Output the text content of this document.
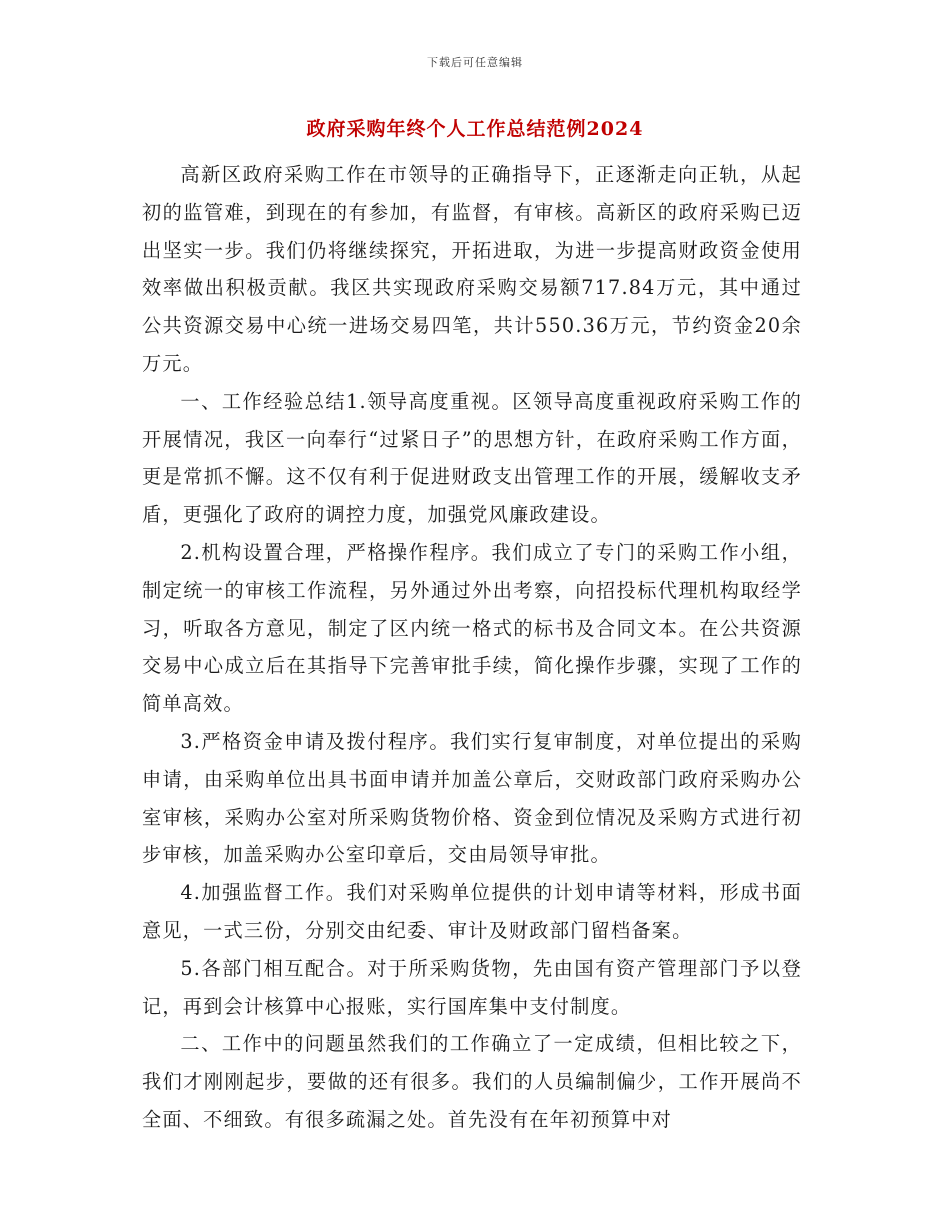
下载后可任意编辑
政府采购年终个人工作总结范例2024

高新区政府采购工作在市领导的正确指导下，正逐渐走向正轨，从起初的监管难，到现在的有参加，有监督，有审核。高新区的政府采购已迈出坚实一步。我们仍将继续探究，开拓进取，为进一步提高财政资金使用效率做出积极贡献。我区共实现政府采购交易额717.84万元，其中通过公共资源交易中心统一进场交易四笔，共计550.36万元，节约资金20余万元。

一、工作经验总结1.领导高度重视。区领导高度重视政府采购工作的开展情况，我区一向奉行“过紧日子”的思想方针，在政府采购工作方面，更是常抓不懈。这不仅有利于促进财政支出管理工作的开展，缓解收支矛盾，更强化了政府的调控力度，加强党风廉政建设。

2.机构设置合理，严格操作程序。我们成立了专门的采购工作小组，制定统一的审核工作流程，另外通过外出考察，向招投标代理机构取经学习，听取各方意见，制定了区内统一格式的标书及合同文本。在公共资源交易中心成立后在其指导下完善审批手续，简化操作步骤，实现了工作的简单高效。

3.严格资金申请及拨付程序。我们实行复审制度，对单位提出的采购申请，由采购单位出具书面申请并加盖公章后，交财政部门政府采购办公室审核，采购办公室对所采购货物价格、资金到位情况及采购方式进行初步审核，加盖采购办公室印章后，交由局领导审批。

4.加强监督工作。我们对采购单位提供的计划申请等材料，形成书面意见，一式三份，分别交由纪委、审计及财政部门留档备案。

5.各部门相互配合。对于所采购货物，先由国有资产管理部门予以登记，再到会计核算中心报账，实行国库集中支付制度。

二、工作中的问题虽然我们的工作确立了一定成绩，但相比较之下，我们才刚刚起步，要做的还有很多。我们的人员编制偏少，工作开展尚不全面、不细致。有很多疏漏之处。首先没有在年初预算中对
